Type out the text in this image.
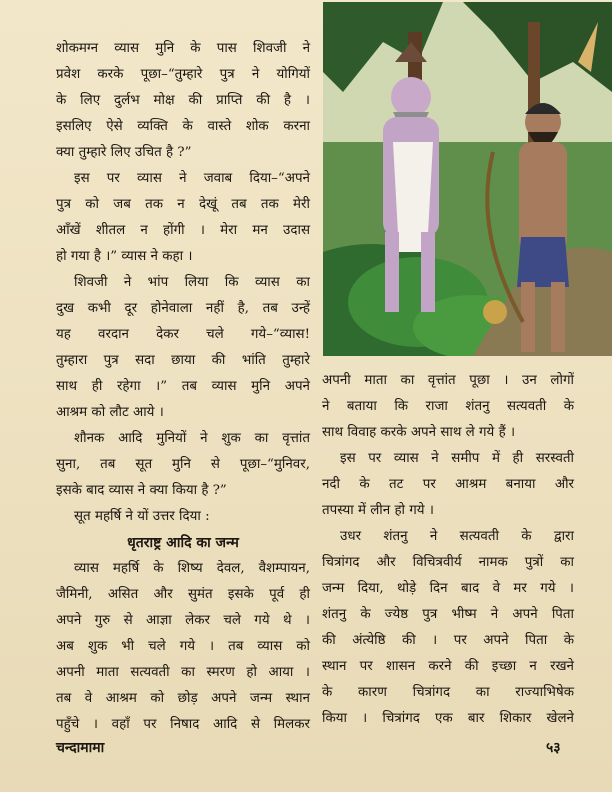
शोकमग्न व्यास मुनि के पास शिवजी ने
प्रवेश करके पूछा–“तुम्हारे पुत्र ने योगियों
के लिए दुर्लभ मोक्ष की प्राप्ति की है ।
इसलिए ऐसे व्यक्ति के वास्ते शोक करना
क्या तुम्हारे लिए उचित है ?”

इस पर व्यास ने जवाब दिया–“अपने
पुत्र को जब तक न देखूं तब तक मेरी
आँखें शीतल न होंगी । मेरा मन उदास
हो गया है ।” व्यास ने कहा ।

शिवजी ने भांप लिया कि व्यास का
दुख कभी दूर होनेवाला नहीं है, तब उन्हें
यह वरदान देकर चले गये–“व्यास!
तुम्हारा पुत्र सदा छाया की भांति तुम्हारे
साथ ही रहेगा ।” तब व्यास मुनि अपने
आश्रम को लौट आये ।

शौनक आदि मुनियों ने शुक का वृत्तांत
सुना, तब सूत मुनि से पूछा–“मुनिवर,
इसके बाद व्यास ने क्या किया है ?”

सूत महर्षि ने यों उत्तर दिया :

धृतराष्ट्र आदि का जन्म

व्यास महर्षि के शिष्य देवल, वैशम्पायन,
जैमिनी, असित और सुमंत इसके पूर्व ही
अपने गुरु से आज्ञा लेकर चले गये थे ।
अब शुक भी चले गये । तब व्यास को
अपनी माता सत्यवती का स्मरण हो आया ।
तब वे आश्रम को छोड़ अपने जन्म स्थान
पहुँचे । वहाँ पर निषाद आदि से मिलकर

अपनी माता का वृत्तांत पूछा । उन लोगों
ने बताया कि राजा शंतनु सत्यवती के
साथ विवाह करके अपने साथ ले गये हैं ।

इस पर व्यास ने समीप में ही सरस्वती
नदी के तट पर आश्रम बनाया और
तपस्या में लीन हो गये ।

उधर शंतनु ने सत्यवती के द्वारा
चित्रांगद और विचित्रवीर्य नामक पुत्रों का
जन्म दिया, थोड़े दिन बाद वे मर गये ।
शंतनु के ज्येष्ठ पुत्र भीष्म ने अपने पिता
की अंत्येष्ठि की । पर अपने पिता के
स्थान पर शासन करने की इच्छा न रखने
के कारण चित्रांगद का राज्याभिषेक
किया । चित्रांगद एक बार शिकार खेलने

चन्दामामा	५३
